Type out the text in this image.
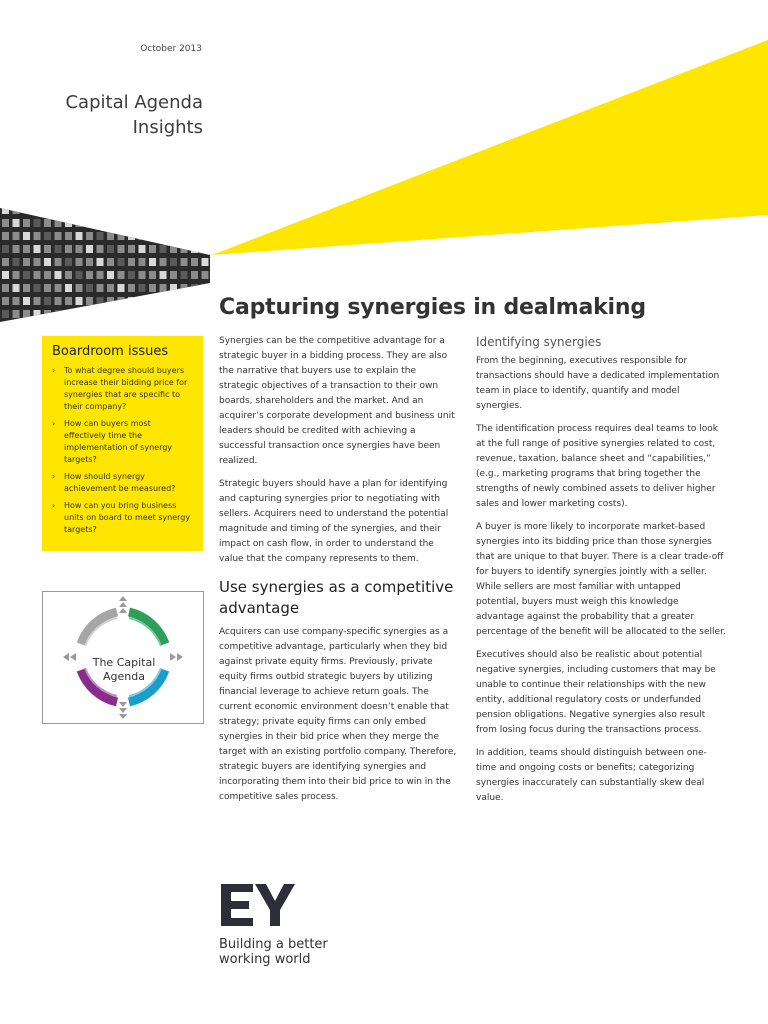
October 2013
Capital Agenda
Insights
Capturing synergies in dealmaking
Boardroom issues
› To what degree should buyers increase their bidding price for synergies that are specific to their company?
› How can buyers most effectively time the implementation of synergy targets?
› How should synergy achievement be measured?
› How can you bring business units on board to meet synergy targets?
The Capital
Agenda

Synergies can be the competitive advantage for a strategic buyer in a bidding process. They are also the narrative that buyers use to explain the strategic objectives of a transaction to their own boards, shareholders and the market. And an acquirer’s corporate development and business unit leaders should be credited with achieving a successful transaction once synergies have been realized.

Strategic buyers should have a plan for identifying and capturing synergies prior to negotiating with sellers. Acquirers need to understand the potential magnitude and timing of the synergies, and their impact on cash flow, in order to understand the value that the company represents to them.

Use synergies as a competitive advantage

Acquirers can use company-specific synergies as a competitive advantage, particularly when they bid against private equity firms. Previously, private equity firms outbid strategic buyers by utilizing financial leverage to achieve return goals. The current economic environment doesn’t enable that strategy; private equity firms can only embed synergies in their bid price when they merge the target with an existing portfolio company. Therefore, strategic buyers are identifying synergies and incorporating them into their bid price to win in the competitive sales process.

Identifying synergies

From the beginning, executives responsible for transactions should have a dedicated implementation team in place to identify, quantify and model synergies.

The identification process requires deal teams to look at the full range of positive synergies related to cost, revenue, taxation, balance sheet and “capabilities,” (e.g., marketing programs that bring together the strengths of newly combined assets to deliver higher sales and lower marketing costs).

A buyer is more likely to incorporate market-based synergies into its bidding price than those synergies that are unique to that buyer. There is a clear trade-off for buyers to identify synergies jointly with a seller. While sellers are most familiar with untapped potential, buyers must weigh this knowledge advantage against the probability that a greater percentage of the benefit will be allocated to the seller.

Executives should also be realistic about potential negative synergies, including customers that may be unable to continue their relationships with the new entity, additional regulatory costs or underfunded pension obligations. Negative synergies also result from losing focus during the transactions process.

In addition, teams should distinguish between one-time and ongoing costs or benefits; categorizing synergies inaccurately can substantially skew deal value.

Building a better
working world
